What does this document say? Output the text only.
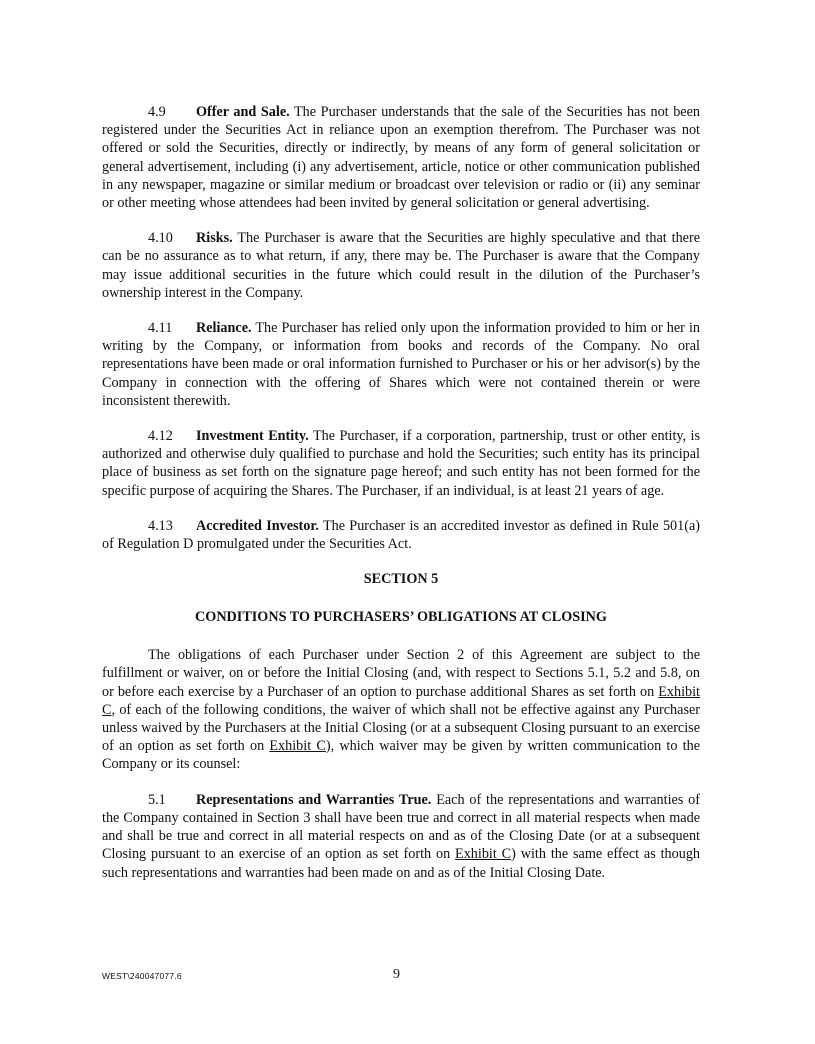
4.9 Offer and Sale. The Purchaser understands that the sale of the Securities has not been registered under the Securities Act in reliance upon an exemption therefrom. The Purchaser was not offered or sold the Securities, directly or indirectly, by means of any form of general solicitation or general advertisement, including (i) any advertisement, article, notice or other communication published in any newspaper, magazine or similar medium or broadcast over television or radio or (ii) any seminar or other meeting whose attendees had been invited by general solicitation or general advertising.

4.10 Risks. The Purchaser is aware that the Securities are highly speculative and that there can be no assurance as to what return, if any, there may be. The Purchaser is aware that the Company may issue additional securities in the future which could result in the dilution of the Purchaser’s ownership interest in the Company.

4.11 Reliance. The Purchaser has relied only upon the information provided to him or her in writing by the Company, or information from books and records of the Company. No oral representations have been made or oral information furnished to Purchaser or his or her advisor(s) by the Company in connection with the offering of Shares which were not contained therein or were inconsistent therewith.

4.12 Investment Entity. The Purchaser, if a corporation, partnership, trust or other entity, is authorized and otherwise duly qualified to purchase and hold the Securities; such entity has its principal place of business as set forth on the signature page hereof; and such entity has not been formed for the specific purpose of acquiring the Shares. The Purchaser, if an individual, is at least 21 years of age.

4.13 Accredited Investor. The Purchaser is an accredited investor as defined in Rule 501(a) of Regulation D promulgated under the Securities Act.

SECTION 5
CONDITIONS TO PURCHASERS’ OBLIGATIONS AT CLOSING

The obligations of each Purchaser under Section 2 of this Agreement are subject to the fulfillment or waiver, on or before the Initial Closing (and, with respect to Sections 5.1, 5.2 and 5.8, on or before each exercise by a Purchaser of an option to purchase additional Shares as set forth on Exhibit C, of each of the following conditions, the waiver of which shall not be effective against any Purchaser unless waived by the Purchasers at the Initial Closing (or at a subsequent Closing pursuant to an exercise of an option as set forth on Exhibit C), which waiver may be given by written communication to the Company or its counsel:

5.1 Representations and Warranties True. Each of the representations and warranties of the Company contained in Section 3 shall have been true and correct in all material respects when made and shall be true and correct in all material respects on and as of the Closing Date (or at a subsequent Closing pursuant to an exercise of an option as set forth on Exhibit C) with the same effect as though such representations and warranties had been made on and as of the Initial Closing Date.

WEST\240047077.6	9
